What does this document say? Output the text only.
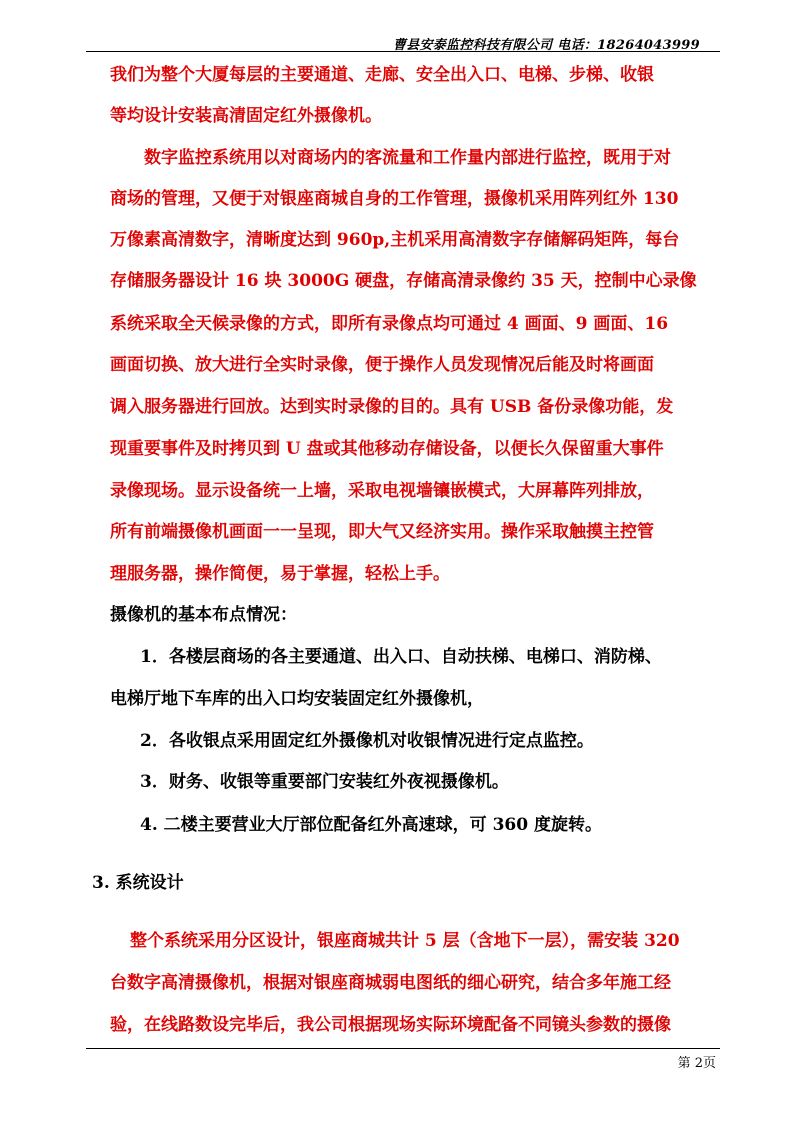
曹县安泰监控科技有限公司 电话：18264043999
我们为整个大厦每层的主要通道、走廊、安全出入口、电梯、步梯、收银
等均设计安装高清固定红外摄像机。
数字监控系统用以对商场内的客流量和工作量内部进行监控，既用于对
商场的管理，又便于对银座商城自身的工作管理，摄像机采用阵列红外 130
万像素高清数字，清晰度达到 960p,主机采用高清数字存储解码矩阵，每台
存储服务器设计 16 块 3000G 硬盘，存储高清录像约 35 天，控制中心录像
系统采取全天候录像的方式，即所有录像点均可通过 4 画面、9 画面、16
画面切换、放大进行全实时录像，便于操作人员发现情况后能及时将画面
调入服务器进行回放。达到实时录像的目的。具有 USB 备份录像功能，发
现重要事件及时拷贝到 U 盘或其他移动存储设备，以便长久保留重大事件
录像现场。显示设备统一上墙，采取电视墙镶嵌模式，大屏幕阵列排放，
所有前端摄像机画面一一呈现，即大气又经济实用。操作采取触摸主控管
理服务器，操作简便，易于掌握，轻松上手。
摄像机的基本布点情况：
1．各楼层商场的各主要通道、出入口、自动扶梯、电梯口、消防梯、
电梯厅地下车库的出入口均安装固定红外摄像机，
2．各收银点采用固定红外摄像机对收银情况进行定点监控。
3．财务、收银等重要部门安装红外夜视摄像机。
4. 二楼主要营业大厅部位配备红外高速球，可 360 度旋转。
3. 系统设计
整个系统采用分区设计，银座商城共计 5 层（含地下一层），需安装 320
台数字高清摄像机，根据对银座商城弱电图纸的细心研究，结合多年施工经
验，在线路数设完毕后，我公司根据现场实际环境配备不同镜头参数的摄像
第 2页
